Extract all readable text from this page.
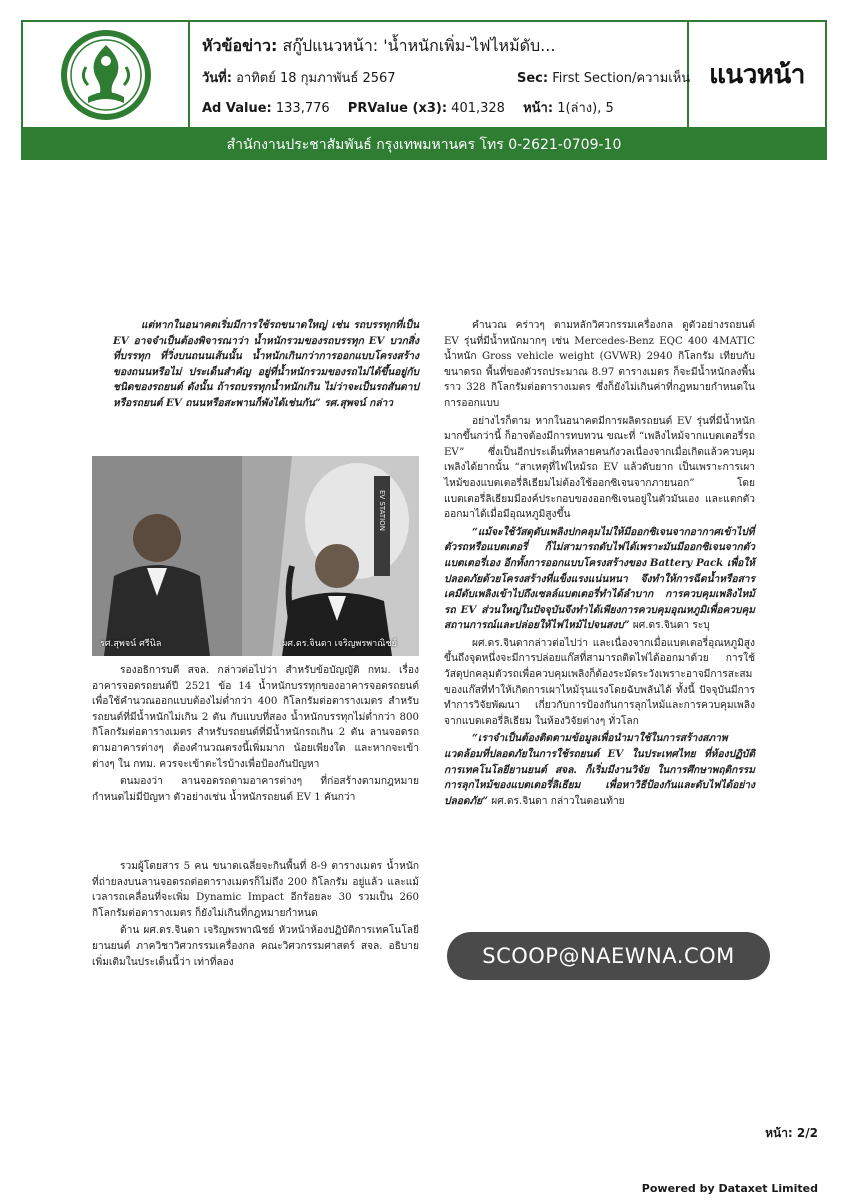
หัวข้อข่าว: สกู๊ปแนวหน้า: 'น้ำหนักเพิ่ม-ไฟไหม้ดับ...
วันที่: อาทิตย์ 18 กุมภาพันธ์ 2567	Sec: First Section/ความเห็น
Ad Value: 133,776 PRValue (x3): 401,328 หน้า: 1(ล่าง), 5
แนวหน้า
สำนักงานประชาสัมพันธ์ กรุงเทพมหานคร โทร 0-2621-0709-10

แต่หากในอนาคตเริ่มมีการใช้รถขนาดใหญ่ เช่น รถบรรทุกที่เป็น EV อาจจำเป็นต้องพิจารณาว่า น้ำหนักรวมของรถบรรทุก EV บวกสิ่งที่บรรทุก ที่วิ่งบนถนนเส้นนั้น น้ำหนักเกินกว่าการออกแบบโครงสร้างของถนนหรือไม่ ประเด็นสำคัญ อยู่ที่น้ำหนักรวมของรถไม่ได้ขึ้นอยู่กับชนิดของรถยนต์ ดังนั้น ถ้ารถบรรทุกน้ำหนักเกิน ไม่ว่าจะเป็นรถสันดาป หรือรถยนต์ EV ถนนหรือสะพานก็พังได้เช่นกัน” รศ.สุพจน์ กล่าว

EV STATION
รศ.สุพจน์ ศรีนิล	ผศ.ดร.จินดา เจริญพรพาณิชย์

รองอธิการบดี สจล. กล่าวต่อไปว่า สำหรับข้อบัญญัติ กทม. เรื่อง อาคารจอดรถยนต์ปี 2521 ข้อ 14 น้ำหนักบรรทุกของอาคารจอดรถยนต์ เพื่อใช้คำนวณออกแบบต้องไม่ต่ำกว่า 400 กิโลกรัมต่อตารางเมตร สำหรับรถยนต์ที่มีน้ำหนักไม่เกิน 2 ตัน กับแบบที่สอง น้ำหนักบรรทุกไม่ต่ำกว่า 800 กิโลกรัมต่อตารางเมตร สำหรับรถยนต์ที่มีน้ำหนักรถเกิน 2 ตัน ลานจอดรถตามอาคารต่างๆ ต้องคำนวณตรงนี้เพิ่มมาก น้อยเพียงใด และหากจะเข้าต่างๆ ใน กทม. ควรจะเข้าตะไรบ้างเพื่อป้องกันปัญหา

ตนมองว่า ลานจอดรถตามอาคารต่างๆ ที่ก่อสร้างตามกฎหมายกำหนดไม่มีปัญหา ตัวอย่างเช่น น้ำหนักรถยนต์ EV 1 คันกว่า

รวมผู้โดยสาร 5 คน ขนาดเฉลี่ยจะกินพื้นที่ 8-9 ตารางเมตร น้ำหนักที่ถ่ายลงบนลานจอดรถต่อตารางเมตรก็ไม่ถึง 200 กิโลกรัม อยู่แล้ว และแม้เวลารถเคลื่อนที่จะเพิ่ม Dynamic Impact อีกร้อยละ 30 รวมเป็น 260 กิโลกรัมต่อตารางเมตร ก็ยังไม่เกินที่กฎหมายกำหนด

ด้าน ผศ.ดร.จินดา เจริญพรพาณิชย์ หัวหน้าห้องปฏิบัติการเทคโนโลยียานยนต์ ภาควิชาวิศวกรรมเครื่องกล คณะวิศวกรรมศาสตร์ สจล. อธิบายเพิ่มเติมในประเด็นนี้ว่า เท่าที่ลอง

คำนวณ คร่าวๆ ตามหลักวิศวกรรมเครื่องกล ดูตัวอย่างรถยนต์ EV รุ่นที่มีน้ำหนักมากๆ เช่น Mercedes-Benz EQC 400 4MATIC น้ำหนัก Gross vehicle weight (GVWR) 2940 กิโลกรัม เทียบกับขนาดรถ พื้นที่ของตัวรถประมาณ 8.97 ตารางเมตร ก็จะมีน้ำหนักลงพื้นราว 328 กิโลกรัมต่อตารางเมตร ซึ่งก็ยังไม่เกินค่าที่กฎหมายกำหนดในการออกแบบ

อย่างไรก็ตาม หากในอนาคตมีการผลิตรถยนต์ EV รุ่นที่มีน้ำหนักมากขึ้นกว่านี้ ก็อาจต้องมีการทบทวน ขณะที่ “เพลิงไหม้จากแบตเตอรี่รถ EV” ซึ่งเป็นอีกประเด็นที่หลายคนกังวลเนื่องจากเมื่อเกิดแล้วควบคุมเพลิงได้ยากนั้น “สาเหตุที่ไฟไหม้รถ EV แล้วดับยาก เป็นเพราะการเผาไหม้ของแบตเตอรี่ลิเธียมไม่ต้องใช้ออกซิเจนจากภายนอก” โดยแบตเตอรี่ลิเธียมมีองค์ประกอบของออกซิเจนอยู่ในตัวมันเอง และแตกตัวออกมาได้เมื่อมีอุณหภูมิสูงขึ้น

“แม้จะใช้วัสดุดับเพลิงปกคลุมไม่ให้มีออกซิเจนจากอากาศเข้าไปที่ตัวรถหรือแบตเตอรี่ ก็ไม่สามารถดับไฟได้เพราะมันมีออกซิเจนจากตัวแบตเตอรี่เอง อีกทั้งการออกแบบโครงสร้างของ Battery Pack เพื่อให้ปลอดภัยด้วยโครงสร้างที่แข็งแรงแน่นหนา จึงทำให้การฉีดน้ำหรือสารเคมีดับเพลิงเข้าไปถึงเซลล์แบตเตอรี่ทำได้ลำบาก การควบคุมเพลิงไหม้รถ EV ส่วนใหญ่ในปัจจุบันจึงทำได้เพียงการควบคุมอุณหภูมิเพื่อควบคุมสถานการณ์และปล่อยให้ไฟไหม้ไปจนสงบ” ผศ.ดร.จินดา ระบุ

ผศ.ดร.จินดากล่าวต่อไปว่า และเนื่องจากเมื่อแบตเตอรี่อุณหภูมิสูงขึ้นถึงจุดหนึ่งจะมีการปล่อยแก๊สที่สามารถติดไฟได้ออกมาด้วย การใช้วัสดุปกคลุมตัวรถเพื่อควบคุมเพลิงก็ต้องระมัดระวังเพราะอาจมีการสะสมของแก๊สที่ทำให้เกิดการเผาไหม้รุนแรงโดยฉับพลันได้ ทั้งนี้ ปัจจุบันมีการทำการวิจัยพัฒนา เกี่ยวกับการป้องกันการลุกไหม้และการควบคุมเพลิงจากแบตเตอรี่ลิเธียม ในห้องวิจัยต่างๆ ทั่วโลก

“เราจำเป็นต้องติดตามข้อมูลเพื่อนำมาใช้ในการสร้างสภาพแวดล้อมที่ปลอดภัยในการใช้รถยนต์ EV ในประเทศไทย ที่ห้องปฏิบัติการเทคโนโลยียานยนต์ สจล. ก็เริ่มมีงานวิจัย ในการศึกษาพฤติกรรมการลุกไหม้ของแบตเตอรี่ลิเธียม เพื่อหาวิธีป้องกันและดับไฟได้อย่างปลอดภัย” ผศ.ดร.จินดา กล่าวในตอนท้าย

SCOOP@NAEWNA.COM
หน้า: 2/2
Powered by Dataxet Limited
